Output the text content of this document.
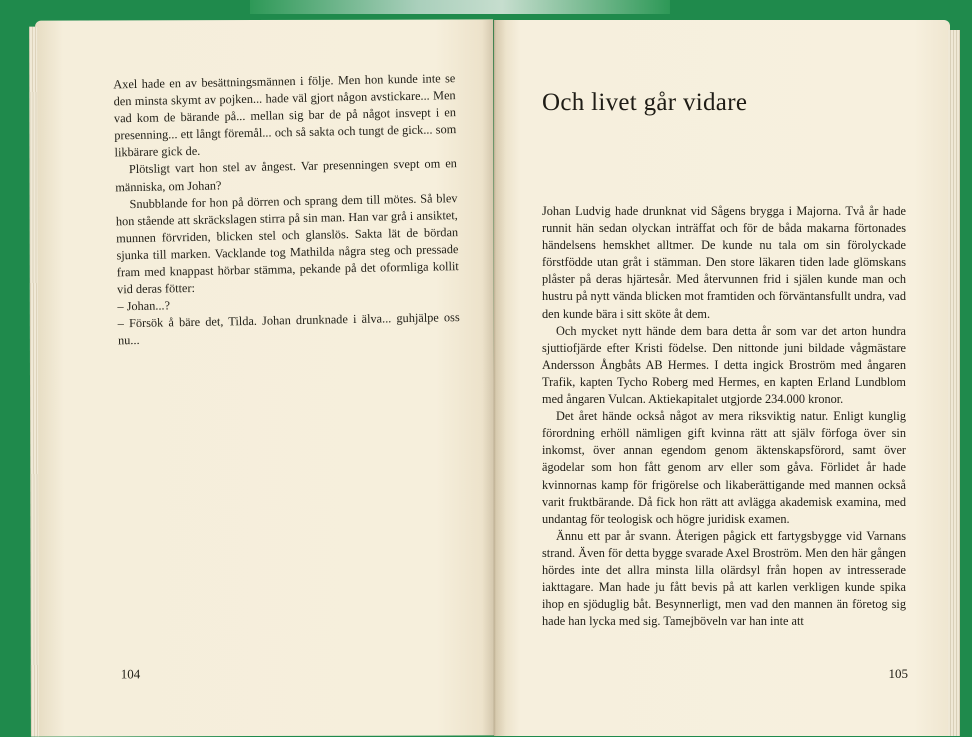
Axel hade en av besättningsmännen i följe. Men hon kunde inte se den minsta skymt av pojken... hade väl gjort någon avstickare... Men vad kom de bärande på... mellan sig bar de på något insvept i en presenning... ett långt föremål... och så sakta och tungt de gick... som likbärare gick de.

Plötsligt vart hon stel av ångest. Var presenningen svept om en människa, om Johan?

Snubblande for hon på dörren och sprang dem till mötes. Så blev hon stående att skräckslagen stirra på sin man. Han var grå i ansiktet, munnen förvriden, blicken stel och glanslös. Sakta lät de bördan sjunka till marken. Vacklande tog Mathilda några steg och pressade fram med knappast hörbar stämma, pekande på det oformliga kollit vid deras fötter:

– Johan...?

– Försök å bäre det, Tilda. Johan drunknade i älva... guhjälpe oss nu...

104
Och livet går vidare

Johan Ludvig hade drunknat vid Sågens brygga i Majorna. Två år hade runnit hän sedan olyckan inträffat och för de båda makarna förtonades händelsens hemskhet alltmer. De kunde nu tala om sin förolyckade förstfödde utan gråt i stämman. Den store läkaren tiden lade glömskans plåster på deras hjärtesår. Med återvunnen frid i själen kunde man och hustru på nytt vända blicken mot framtiden och förväntansfullt undra, vad den kunde bära i sitt sköte åt dem.

Och mycket nytt hände dem bara detta år som var det arton hundra sjuttiofjärde efter Kristi födelse. Den nittonde juni bildade vågmästare Andersson Ångbåts AB Hermes. I detta ingick Broström med ångaren Trafik, kapten Tycho Roberg med Hermes, en kapten Erland Lundblom med ångaren Vulcan. Aktiekapitalet utgjorde 234.000 kronor.

Det året hände också något av mera riksviktig natur. Enligt kunglig förordning erhöll nämligen gift kvinna rätt att själv förfoga över sin inkomst, över annan egendom genom äktenskapsförord, samt över ägodelar som hon fått genom arv eller som gåva. Förlidet år hade kvinnornas kamp för frigörelse och likaberättigande med mannen också varit fruktbärande. Då fick hon rätt att avlägga akademisk examina, med undantag för teologisk och högre juridisk examen.

Ännu ett par år svann. Återigen pågick ett fartygsbygge vid Varnans strand. Även för detta bygge svarade Axel Broström. Men den här gången hördes inte det allra minsta lilla olärdsyl från hopen av intresserade iakttagare. Man hade ju fått bevis på att karlen verkligen kunde spika ihop en sjöduglig båt. Besynnerligt, men vad den mannen än företog sig hade han lycka med sig. Tamejböveln var han inte att

105
